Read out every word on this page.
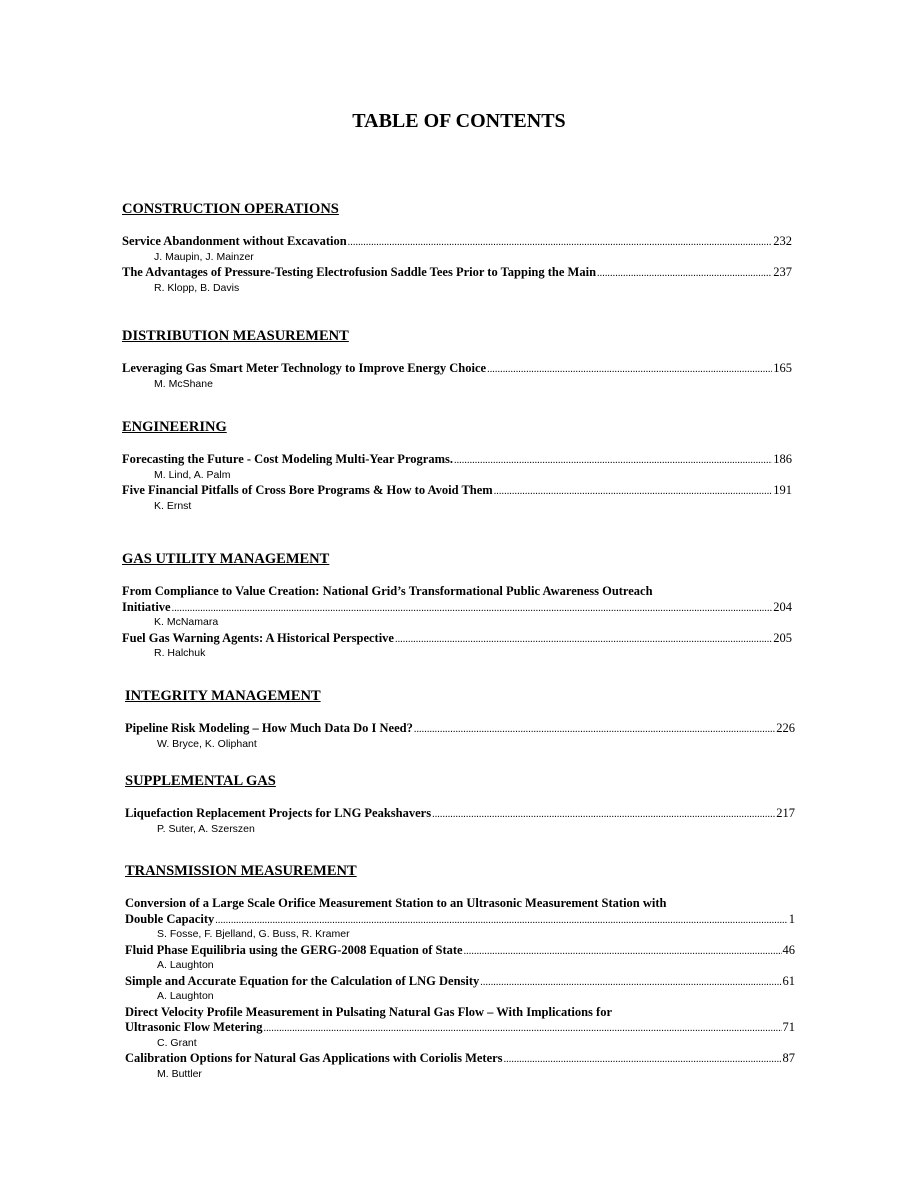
TABLE OF CONTENTS
CONSTRUCTION OPERATIONS
Service Abandonment without Excavation . . .	232
J. Maupin, J. Mainzer
The Advantages of Pressure-Testing Electrofusion Saddle Tees Prior to Tapping the Main . . .	237
R. Klopp, B. Davis
DISTRIBUTION MEASUREMENT
Leveraging Gas Smart Meter Technology to Improve Energy Choice . . .	165
M. McShane
ENGINEERING
Forecasting the Future - Cost Modeling Multi-Year Programs. . . .	186
M. Lind, A. Palm
Five Financial Pitfalls of Cross Bore Programs & How to Avoid Them . . .	191
K. Ernst
GAS UTILITY MANAGEMENT
From Compliance to Value Creation: National Grid’s Transformational Public Awareness Outreach
Initiative . . .	204
K. McNamara
Fuel Gas Warning Agents: A Historical Perspective . . .	205
R. Halchuk
INTEGRITY MANAGEMENT
Pipeline Risk Modeling – How Much Data Do I Need? . . .	226
W. Bryce, K. Oliphant
SUPPLEMENTAL GAS
Liquefaction Replacement Projects for LNG Peakshavers . . .	217
P. Suter, A. Szerszen
TRANSMISSION MEASUREMENT
Conversion of a Large Scale Orifice Measurement Station to an Ultrasonic Measurement Station with
Double Capacity . . .	1
S. Fosse, F. Bjelland, G. Buss, R. Kramer
Fluid Phase Equilibria using the GERG-2008 Equation of State . . .	46
A. Laughton
Simple and Accurate Equation for the Calculation of LNG Density . . .	61
A. Laughton
Direct Velocity Profile Measurement in Pulsating Natural Gas Flow – With Implications for
Ultrasonic Flow Metering . . .	71
C. Grant
Calibration Options for Natural Gas Applications with Coriolis Meters . . .	87
M. Buttler
